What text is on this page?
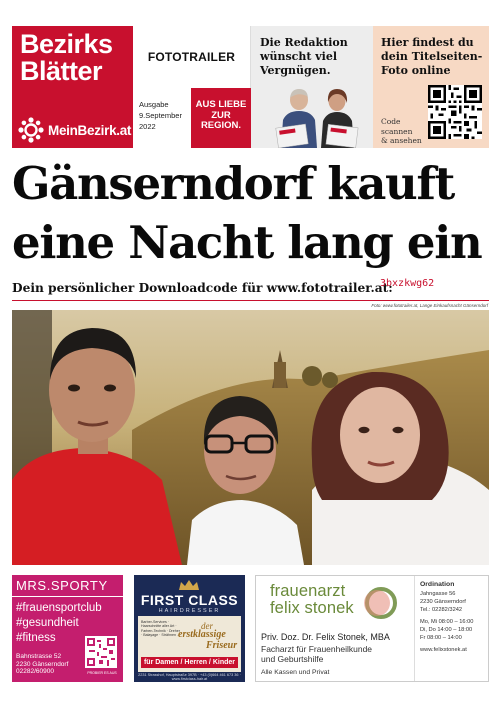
Bezirks
Blätter
MeinBezirk.at
FOTOTRAILER
Ausgabe
9.September
2022
AUS LIEBE
ZUR
REGION.
Die Redaktion
wünscht viel
Vergnügen.
Hier findest du
dein Titelseiten-
Foto online
Code
scannen
& ansehen
Gänserndorf kauft
eine Nacht lang ein
Dein persönlicher Downloadcode für www.fototrailer.at:
3bxzkwg62
Foto: www.fototrailer.at, Lange Einkaufsnacht Gänserndorf
MRS.SPORTY
#frauensportclub
#gesundheit
#fitness
Bahnstrasse 52
2230 Gänserndorf
02282/60900	PROBIER ES AUS
FIRST CLASS
HAIRDRESSER
Barber-Services · Haarschnitte aller Art · Farben-Technik · Dreher · Balayage · Strähnen ...
der
erstklassige
Friseur
für Damen / Herren / Kinder
2231 Strasshof, Hauptstraße 397B · +43 (0)664 461 673 36 · www.firstclass-hair.at
frauenarzt
felix stonek
Priv. Doz. Dr. Felix Stonek, MBA
Facharzt für Frauenheilkunde
und Geburtshilfe
Alle Kassen und Privat
Ordination
Jahngasse 56
2230 Gänserndorf
Tel.: 02282/3242
Mo, Mi 08:00 – 16:00
Di, Do 14:00 – 18:00
Fr 08:00 – 14:00
www.felixstonek.at
